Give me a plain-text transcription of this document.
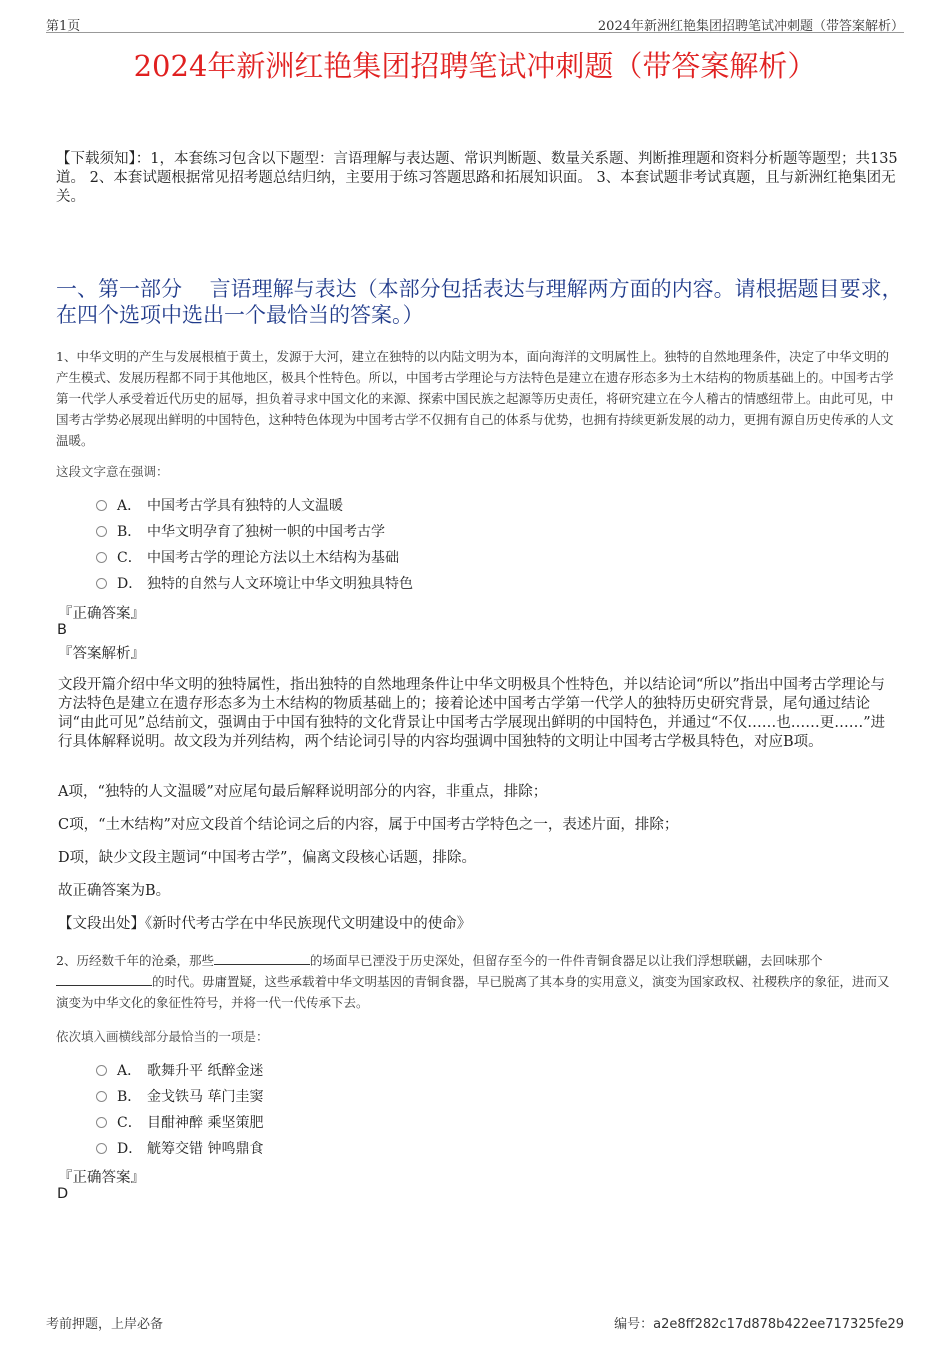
第1页	2024年新洲红艳集团招聘笔试冲刺题（带答案解析）
2024年新洲红艳集团招聘笔试冲刺题（带答案解析）
【下载须知】：1，本套练习包含以下题型：言语理解与表达题、常识判断题、数量关系题、判断推理题和资料分析题等题型；共135道。 2、本套试题根据常见招考题总结归纳，主要用于练习答题思路和拓展知识面。 3、本套试题非考试真题，且与新洲红艳集团无关。
一、第一部分　 言语理解与表达（本部分包括表达与理解两方面的内容。请根据题目要求，在四个选项中选出一个最恰当的答案。）
1、中华文明的产生与发展根植于黄土，发源于大河，建立在独特的以内陆文明为本，面向海洋的文明属性上。独特的自然地理条件，决定了中华文明的产生模式、发展历程都不同于其他地区，极具个性特色。所以，中国考古学理论与方法特色是建立在遗存形态多为土木结构的物质基础上的。中国考古学第一代学人承受着近代历史的屈辱，担负着寻求中国文化的来源、探索中国民族之起源等历史责任，将研究建立在今人稽古的情感纽带上。由此可见，中国考古学势必展现出鲜明的中国特色，这种特色体现为中国考古学不仅拥有自己的体系与优势，也拥有持续更新发展的动力，更拥有源自历史传承的人文温暖。
这段文字意在强调：
A． 中国考古学具有独特的人文温暖
B． 中华文明孕育了独树一帜的中国考古学
C． 中国考古学的理论方法以土木结构为基础
D． 独特的自然与人文环境让中华文明独具特色
『正确答案』
B
『答案解析』
文段开篇介绍中华文明的独特属性，指出独特的自然地理条件让中华文明极具个性特色，并以结论词“所以”指出中国考古学理论与方法特色是建立在遗存形态多为土木结构的物质基础上的；接着论述中国考古学第一代学人的独特历史研究背景，尾句通过结论词“由此可见”总结前文，强调由于中国有独特的文化背景让中国考古学展现出鲜明的中国特色，并通过“不仅……也……更……”进行具体解释说明。故文段为并列结构，两个结论词引导的内容均强调中国独特的文明让中国考古学极具特色，对应B项。
A项，“独特的人文温暖”对应尾句最后解释说明部分的内容，非重点，排除；
C项，“土木结构”对应文段首个结论词之后的内容，属于中国考古学特色之一，表述片面，排除；
D项，缺少文段主题词“中国考古学”，偏离文段核心话题，排除。
故正确答案为B。
【文段出处】《新时代考古学在中华民族现代文明建设中的使命》
2、历经数千年的沧桑，那些	的场面早已湮没于历史深处，但留存至今的一件件青铜食器足以让我们浮想联翩，去回味那个的时代。毋庸置疑，这些承载着中华文明基因的青铜食器，早已脱离了其本身的实用意义，演变为国家政权、社稷秩序的象征，进而又演变为中华文化的象征性符号，并将一代一代传承下去。
依次填入画横线部分最恰当的一项是：
A． 歌舞升平 纸醉金迷
B． 金戈铁马 荜门圭窦
C． 目酣神醉 乘坚策肥
D． 觥筹交错 钟鸣鼎食
『正确答案』
D
考前押题，上岸必备	编号：a2e8ff282c17d878b422ee717325fe29
